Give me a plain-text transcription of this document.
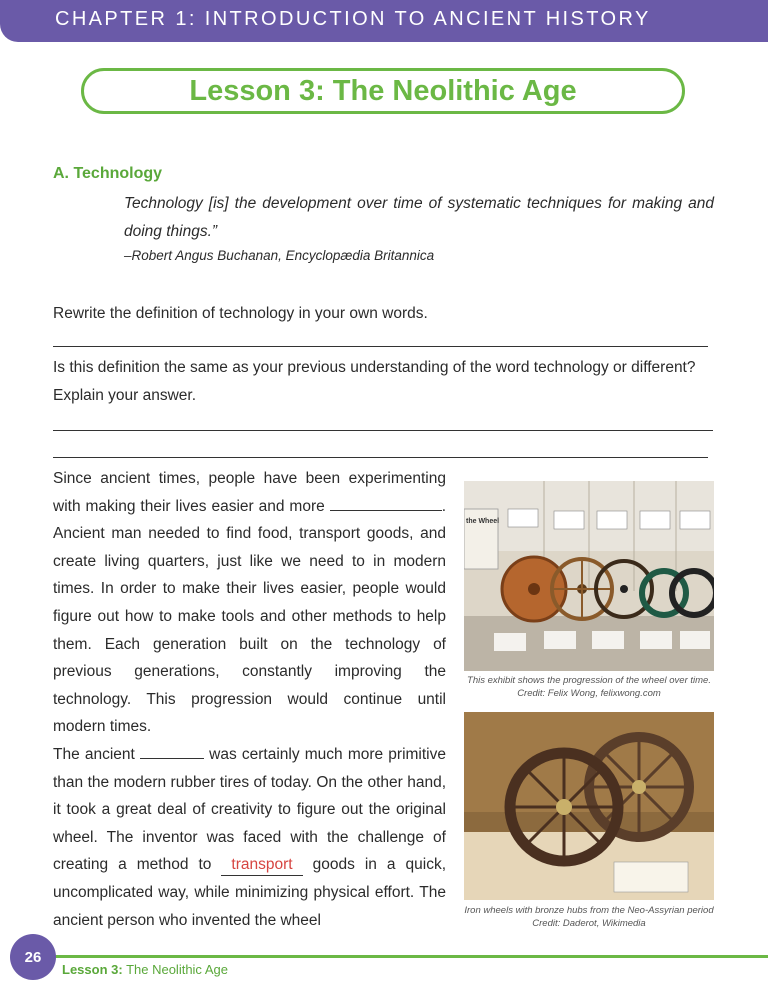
CHAPTER 1: INTRODUCTION TO ANCIENT HISTORY
Lesson 3: The Neolithic Age
A. Technology
Technology [is] the development over time of systematic techniques for making and doing things.”
–Robert Angus Buchanan, Encyclopædia Britannica
Rewrite the definition of technology in your own words.
Is this definition the same as your previous understanding of the word technology or different? Explain your answer.

Since ancient times, people have been experimenting with making their lives easier and more	. Ancient man needed to find food, transport goods, and create living quarters, just like we need to in modern times. In order to make their lives easier, people would figure out how to make tools and other methods to help them. Each generation built on the technology of previous generations, constantly improving the technology. This progression would continue until modern times.

The ancient	was certainly much more primitive than the modern rubber tires of today. On the other hand, it took a great deal of creativity to figure out the original wheel. The inventor was faced with the challenge of creating a method to transport goods in a quick, uncomplicated way, while minimizing physical effort. The ancient person who invented the wheel

the Wheel
This exhibit shows the progression of the wheel over time.
Credit: Felix Wong, felixwong.com
Iron wheels with bronze hubs from the Neo-Assyrian period
Credit: Daderot, Wikimedia
26
Lesson 3: The Neolithic Age
